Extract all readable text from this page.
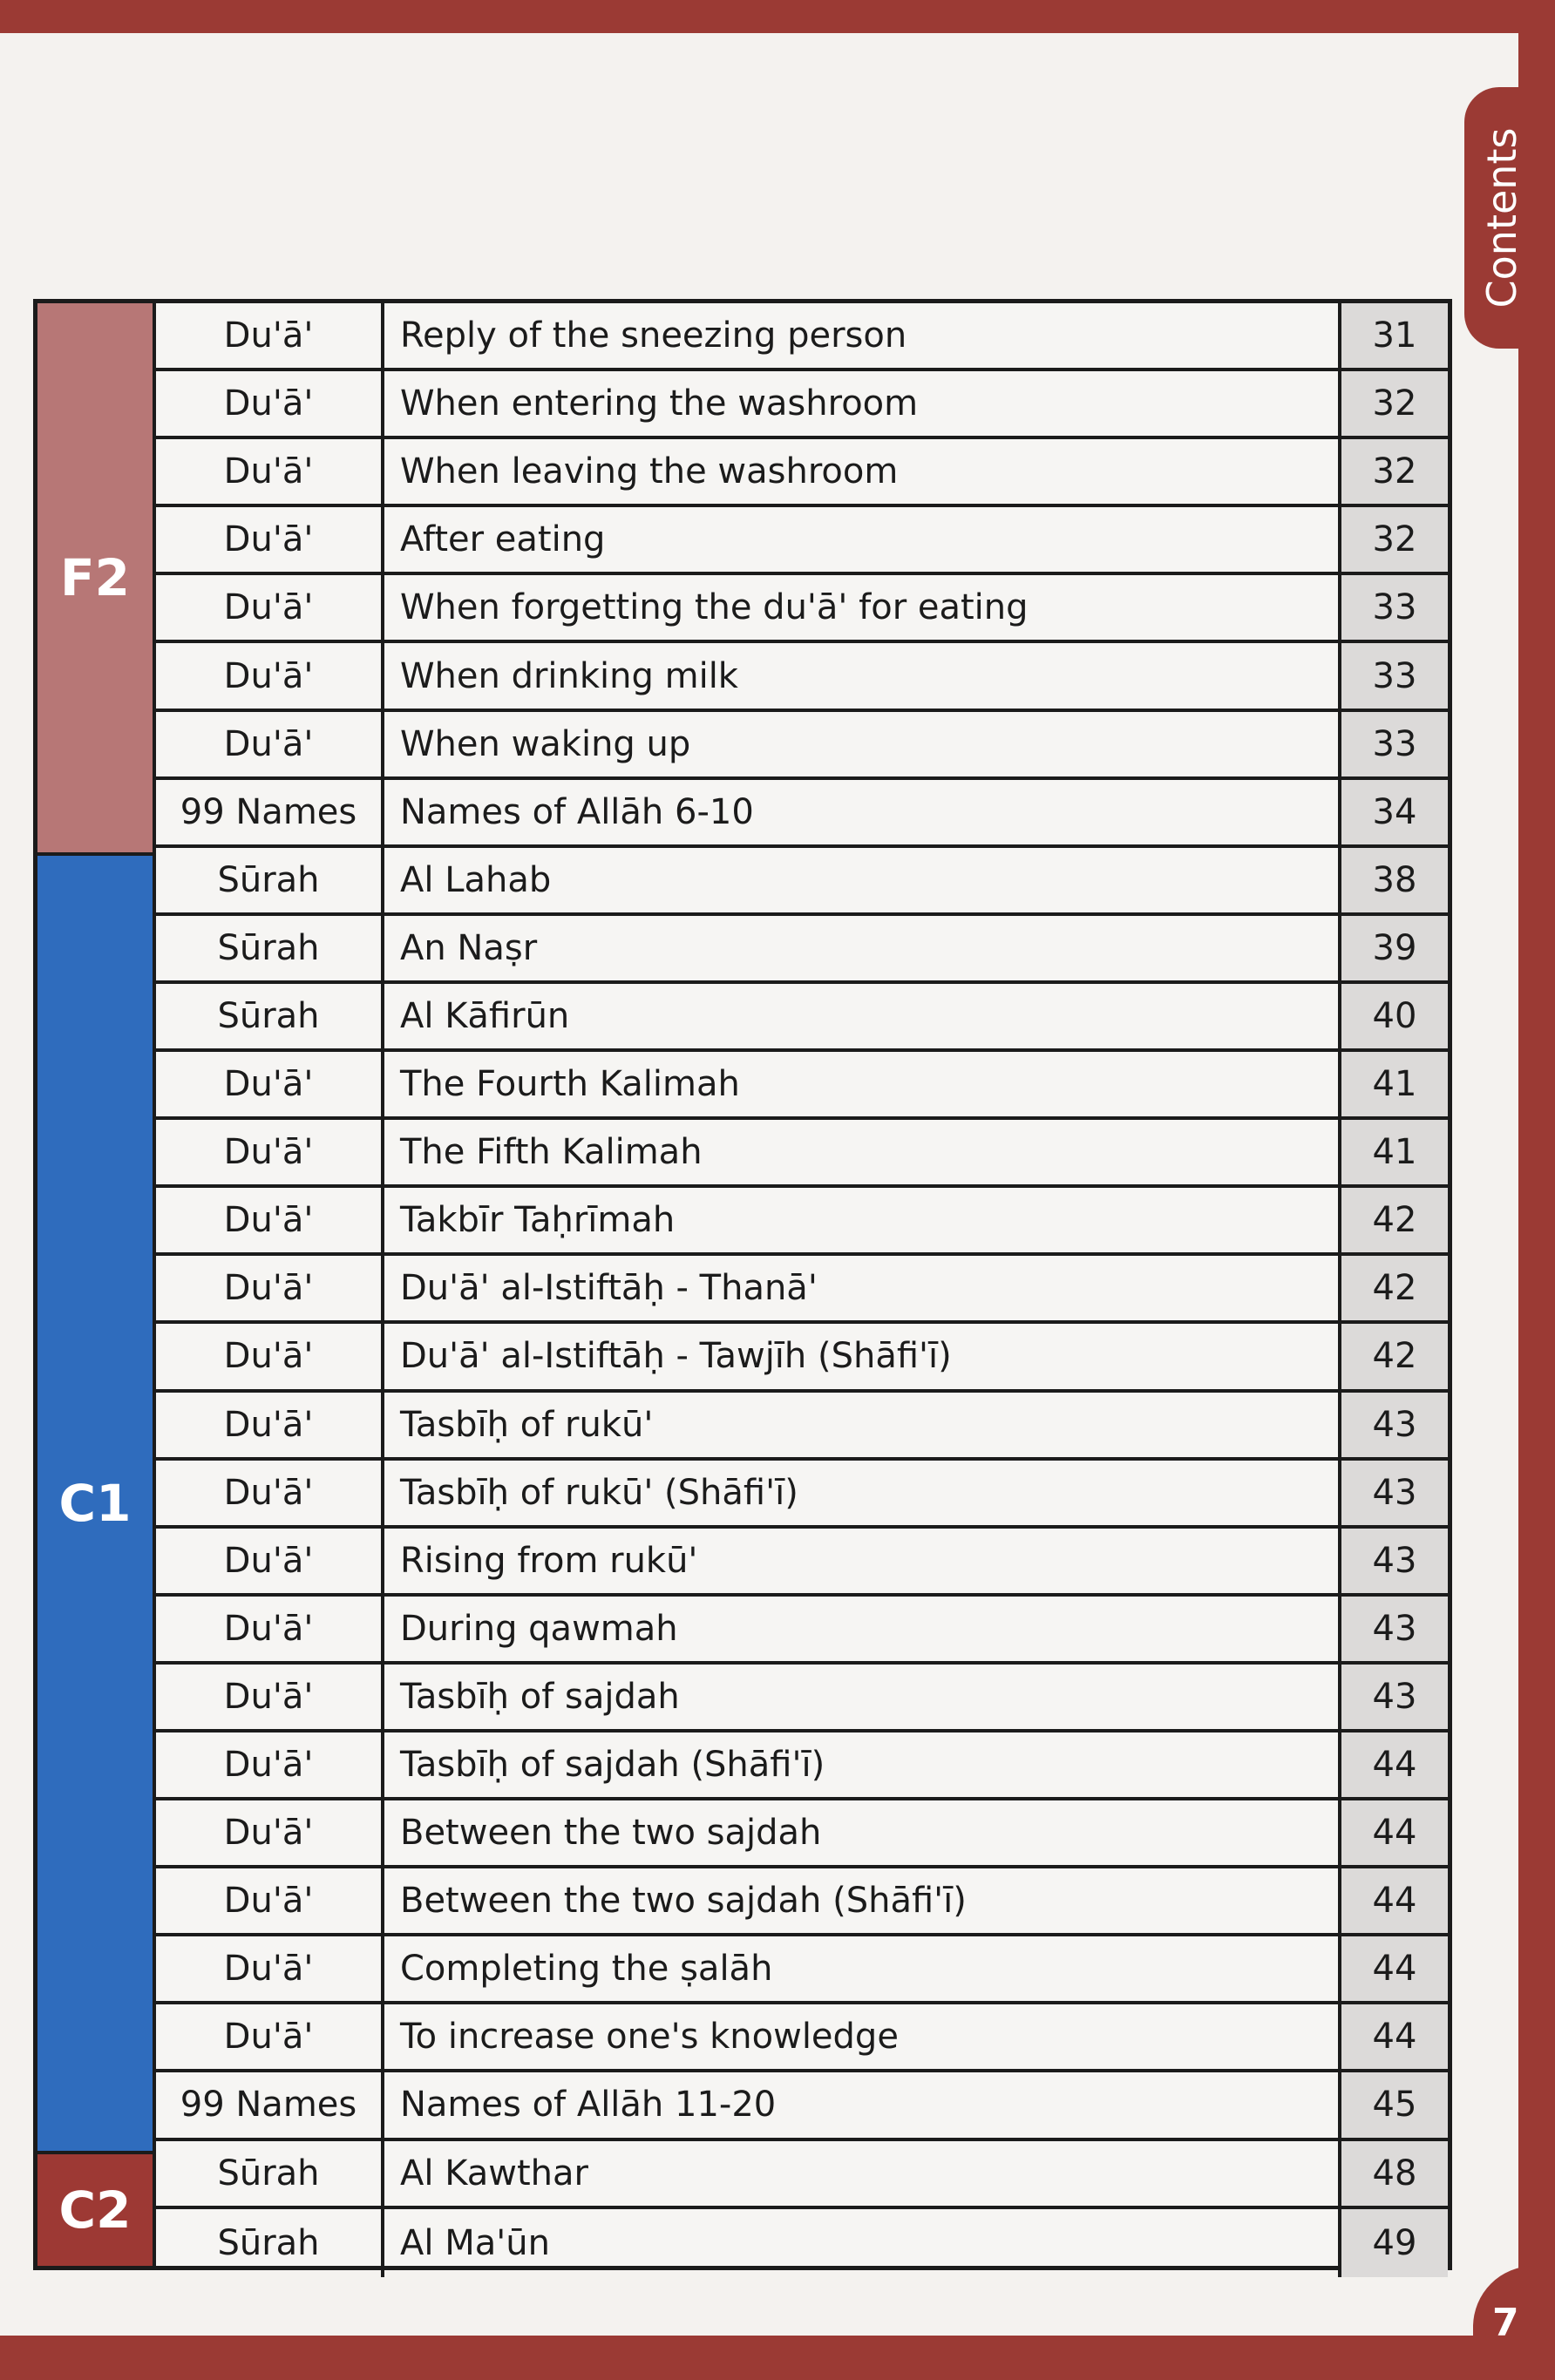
Contents
7
F2
C1
C2
Du'ā'	Reply of the sneezing person	31
Du'ā'	When entering the washroom	32
Du'ā'	When leaving the washroom	32
Du'ā'	After eating	32
Du'ā'	When forgetting the du'ā' for eating	33
Du'ā'	When drinking milk	33
Du'ā'	When waking up	33
99 Names	Names of Allāh 6-10	34
Sūrah	Al Lahab	38
Sūrah	An Naṣr	39
Sūrah	Al Kāfirūn	40
Du'ā'	The Fourth Kalimah	41
Du'ā'	The Fifth Kalimah	41
Du'ā'	Takbīr Taḥrīmah	42
Du'ā'	Du'ā' al-Istiftāḥ - Thanā'	42
Du'ā'	Du'ā' al-Istiftāḥ - Tawjīh (Shāfi'ī)	42
Du'ā'	Tasbīḥ of rukū'	43
Du'ā'	Tasbīḥ of rukū' (Shāfi'ī)	43
Du'ā'	Rising from rukū'	43
Du'ā'	During qawmah	43
Du'ā'	Tasbīḥ of sajdah	43
Du'ā'	Tasbīḥ of sajdah (Shāfi'ī)	44
Du'ā'	Between the two sajdah	44
Du'ā'	Between the two sajdah (Shāfi'ī)	44
Du'ā'	Completing the ṣalāh	44
Du'ā'	To increase one's knowledge	44
99 Names	Names of Allāh 11-20	45
Sūrah	Al Kawthar	48
Sūrah	Al Ma'ūn	49
